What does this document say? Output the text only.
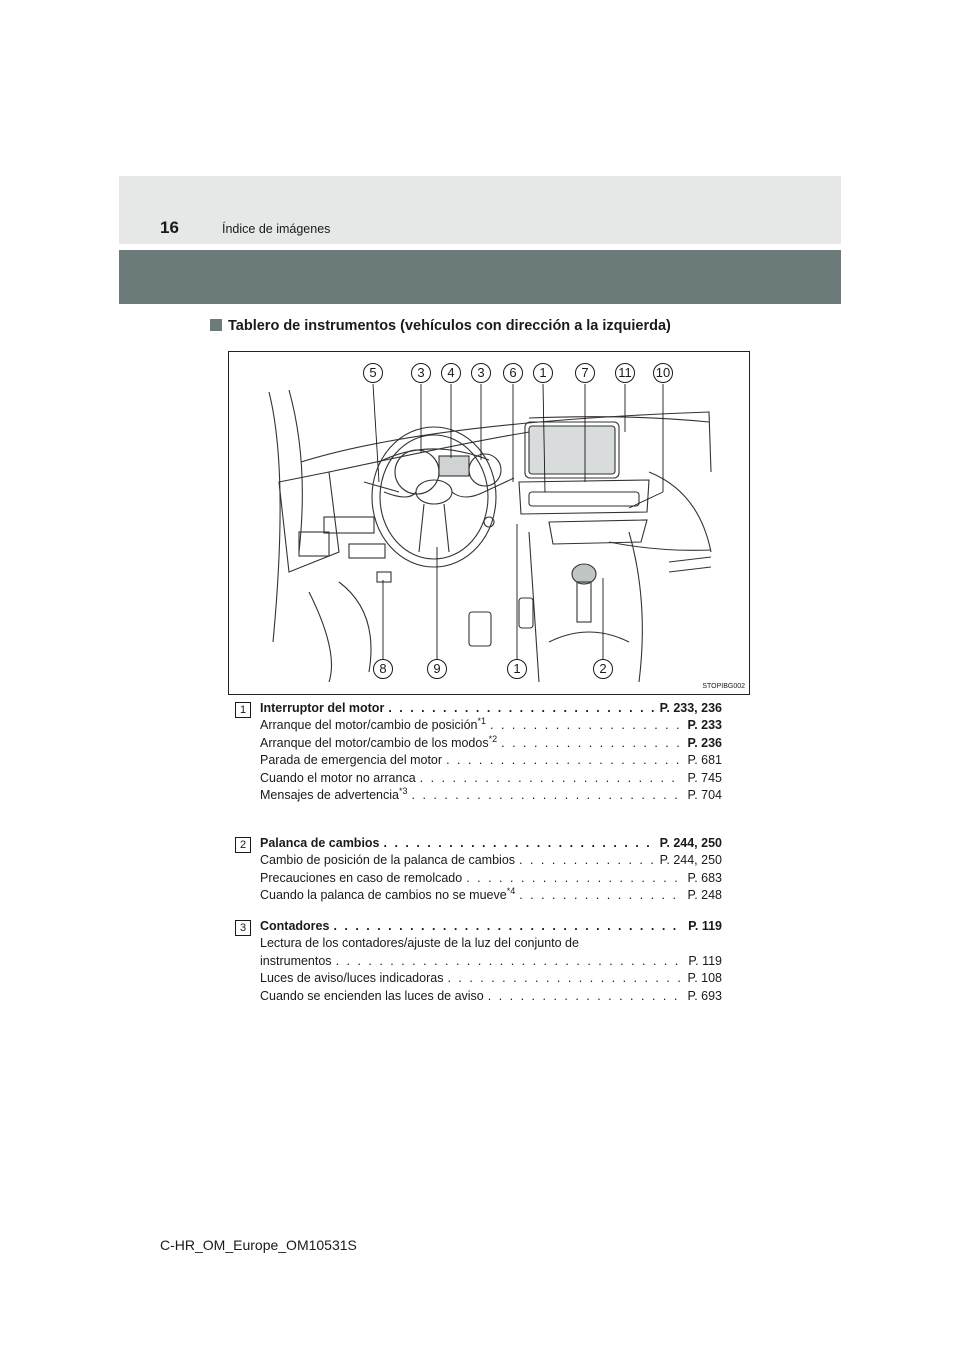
16	Índice de imágenes
Tablero de instrumentos (vehículos con dirección a la izquierda)
5	3	4	3	6	1	7	11 10
8	9	1	2
STOPIBG002
1	Interruptor del motor . . .	P. 233, 236
Arranque del motor/cambio de posición$^{*1}$ . . .	P. 233
Arranque del motor/cambio de los modos$^{*2}$ . . .	P. 236
Parada de emergencia del motor . . .	P. 681
Cuando el motor no arranca . . .	P. 745
Mensajes de advertencia$^{*3}$ . . .	P. 704
2	Palanca de cambios . . .	P. 244, 250
Cambio de posición de la palanca de cambios . . .	P. 244, 250
Precauciones en caso de remolcado . . .	P. 683
Cuando la palanca de cambios no se mueve$^{*4}$ . . .	P. 248
3	Contadores . . .	P. 119
Lectura de los contadores/ajuste de la luz del conjunto de
instrumentos . . .	P. 119
Luces de aviso/luces indicadoras . . .	P. 108
Cuando se encienden las luces de aviso . . .	P. 693
C-HR_OM_Europe_OM10531S
